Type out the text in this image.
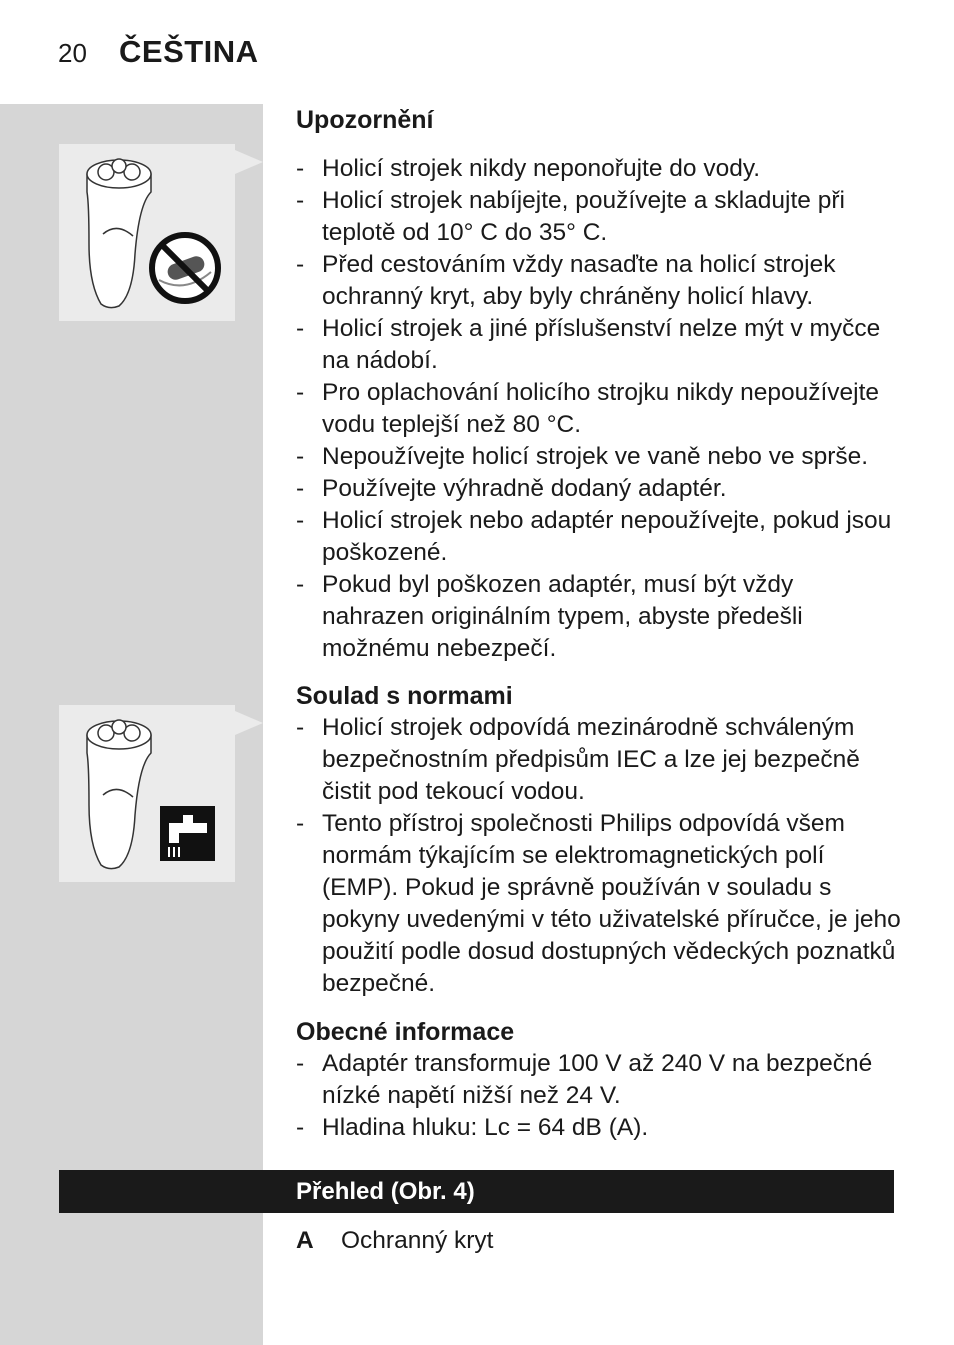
20 ČEŠTINA
Upozornění
- Holicí strojek nikdy neponořujte do vody.
- Holicí strojek nabíjejte, používejte a skladujte při teplotě od 10° C do 35° C.
- Před cestováním vždy nasaďte na holicí strojek ochranný kryt, aby byly chráněny holicí hlavy.
- Holicí strojek a jiné příslušenství nelze mýt v myčce na nádobí.
- Pro oplachování holicího strojku nikdy nepoužívejte vodu teplejší než 80 °C.
- Nepoužívejte holicí strojek ve vaně nebo ve sprše.
- Používejte výhradně dodaný adaptér.
- Holicí strojek nebo adaptér nepoužívejte, pokud jsou poškozené.
- Pokud byl poškozen adaptér, musí být vždy nahrazen originálním typem, abyste předešli možnému nebezpečí.
Soulad s normami
- Holicí strojek odpovídá mezinárodně schváleným bezpečnostním předpisům IEC a lze jej bezpečně čistit pod tekoucí vodou.
- Tento přístroj společnosti Philips odpovídá všem normám týkajícím se elektromagnetických polí (EMP). Pokud je správně používán v souladu s pokyny uvedenými v této uživatelské příručce, je jeho použití podle dosud dostupných vědeckých poznatků bezpečné.
Obecné informace
- Adaptér transformuje 100 V až 240 V na bezpečné nízké napětí nižší než 24 V.
- Hladina hluku: Lc = 64 dB (A).
Přehled (Obr. 4)
A Ochranný kryt
